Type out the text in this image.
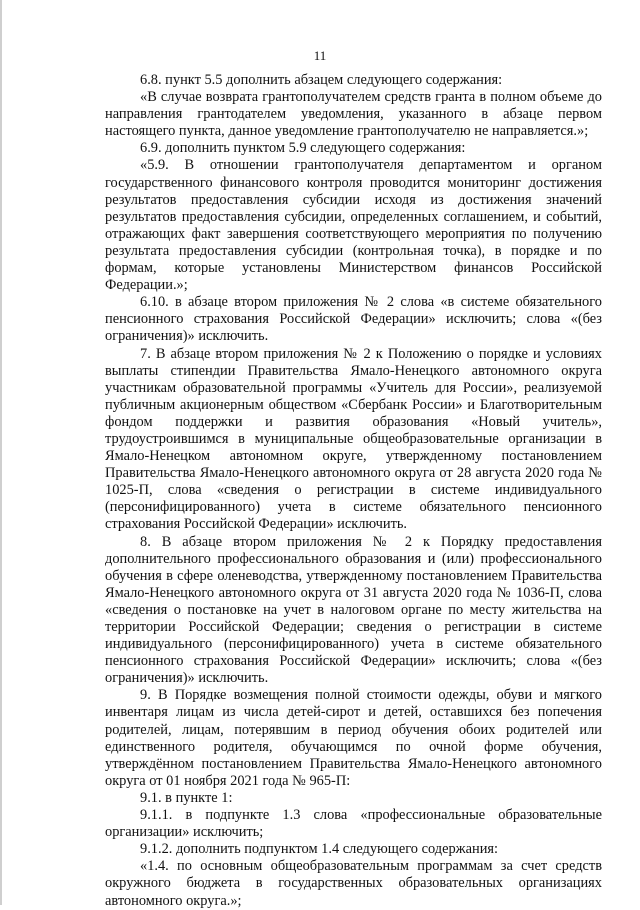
11

6.8. пункт 5.5 дополнить абзацем следующего содержания:

«В случае возврата грантополучателем средств гранта в полном объеме до направления грантодателем уведомления, указанного в абзаце первом настоящего пункта, данное уведомление грантополучателю не направляется.»;

6.9. дополнить пунктом 5.9 следующего содержания:

«5.9. В отношении грантополучателя департаментом и органом государственного финансового контроля проводится мониторинг достижения результатов предоставления субсидии исходя из достижения значений результатов предоставления субсидии, определенных соглашением, и событий, отражающих факт завершения соответствующего мероприятия по получению результата предоставления субсидии (контрольная точка), в порядке и по формам, которые установлены Министерством финансов Российской Федерации.»;

6.10. в абзаце втором приложения № 2 слова «в системе обязательного пенсионного страхования Российской Федерации» исключить; слова «(без ограничения)» исключить.

7. В абзаце втором приложения № 2 к Положению о порядке и условиях выплаты стипендии Правительства Ямало-Ненецкого автономного округа участникам образовательной программы «Учитель для России», реализуемой публичным акционерным обществом «Сбербанк России» и Благотворительным фондом поддержки и развития образования «Новый учитель», трудоустроившимся в муниципальные общеобразовательные организации в Ямало-Ненецком автономном округе, утвержденному постановлением Правительства Ямало-Ненецкого автономного округа от 28 августа 2020 года № 1025-П, слова «сведения о регистрации в системе индивидуального (персонифицированного) учета в системе обязательного пенсионного страхования Российской Федерации» исключить.

8. В абзаце втором приложения № 2 к Порядку предоставления дополнительного профессионального образования и (или) профессионального обучения в сфере оленеводства, утвержденному постановлением Правительства Ямало-Ненецкого автономного округа от 31 августа 2020 года № 1036-П, слова «сведения о постановке на учет в налоговом органе по месту жительства на территории Российской Федерации; сведения о регистрации в системе индивидуального (персонифицированного) учета в системе обязательного пенсионного страхования Российской Федерации» исключить; слова «(без ограничения)» исключить.

9. В Порядке возмещения полной стоимости одежды, обуви и мягкого инвентаря лицам из числа детей-сирот и детей, оставшихся без попечения родителей, лицам, потерявшим в период обучения обоих родителей или единственного родителя, обучающимся по очной форме обучения, утверждённом постановлением Правительства Ямало-Ненецкого автономного округа от 01 ноября 2021 года № 965-П:

9.1. в пункте 1:

9.1.1. в подпункте 1.3 слова «профессиональные образовательные организации» исключить;

9.1.2. дополнить подпунктом 1.4 следующего содержания:

«1.4. по основным общеобразовательным программам за счет средств окружного бюджета в государственных образовательных организациях автономного округа.»;
